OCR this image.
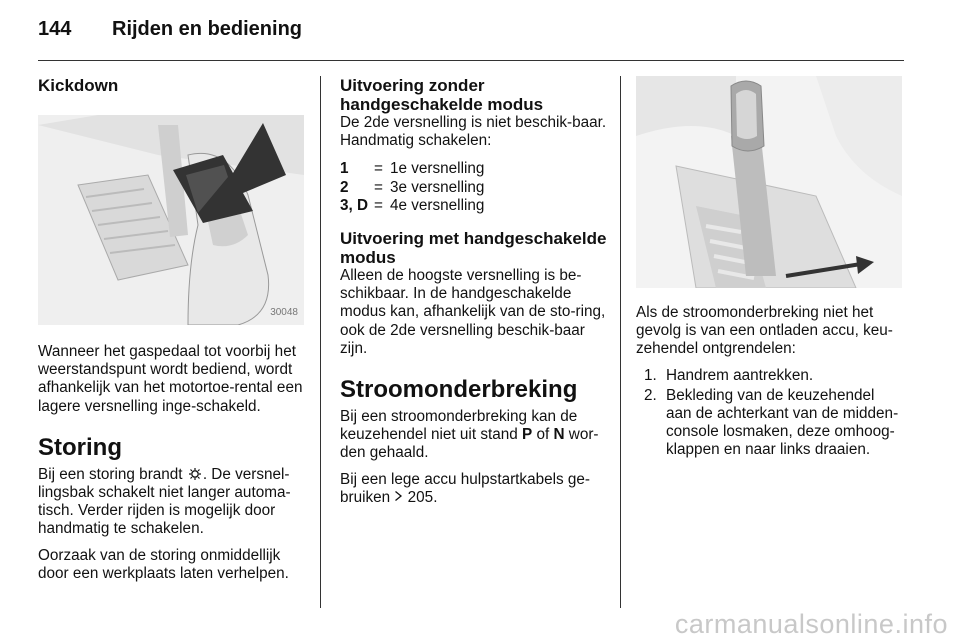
144 Rijden en bediening
Kickdown
30048

Wanneer het gaspedaal tot voorbij het weerstandspunt wordt bediend, wordt afhankelijk van het motortoe-rental een lagere versnelling inge-schakeld.

Storing

Bij een storing brandt . De versnel-lingsbak schakelt niet langer automa-tisch. Verder rijden is mogelijk door handmatig te schakelen.

Oorzaak van de storing onmiddellijk door een werkplaats laten verhelpen.

Uitvoering zonder handgeschakelde modus

De 2de versnelling is niet beschik-baar. Handmatig schakelen:

1	=	1e versnelling
2	=	3e versnelling
3, D	=	4e versnelling
Uitvoering met handgeschakelde modus

Alleen de hoogste versnelling is be-schikbaar. In de handgeschakelde modus kan, afhankelijk van de sto-ring, ook de 2de versnelling beschik-baar zijn.

Stroomonderbreking

Bij een stroomonderbreking kan de keuzehendel niet uit stand P of N wor-den gehaald.

Bij een lege accu hulpstartkabels ge-bruiken 205.

Als de stroomonderbreking niet het gevolg is van een ontladen accu, keu-zehendel ontgrendelen:

1. Handrem aantrekken.
2. Bekleding van de keuzehendel aan de achterkant van de midden-console losmaken, deze omhoog-klappen en naar links draaien.
carmanualsonline.info
